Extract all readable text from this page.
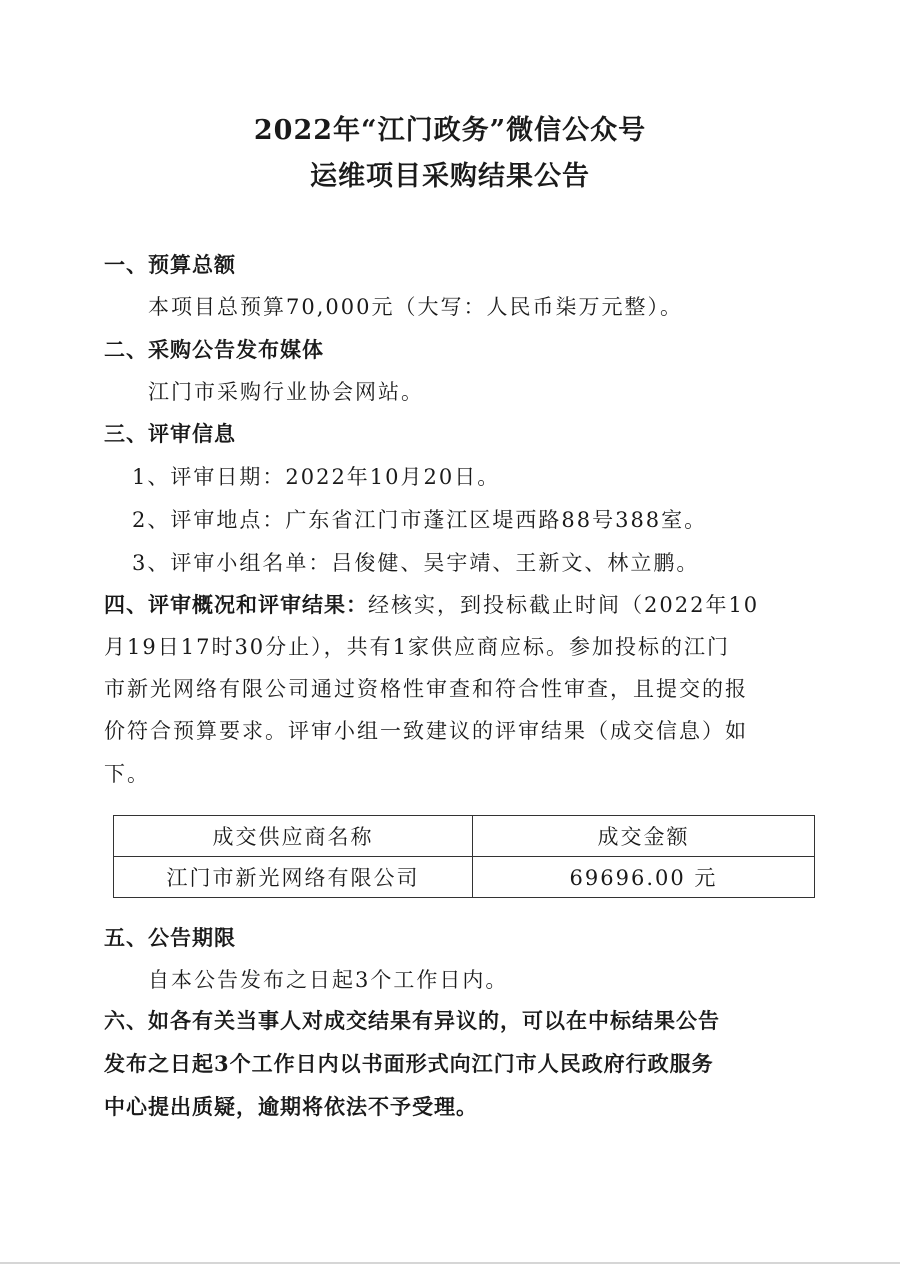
2022年“江门政务”微信公众号
运维项目采购结果公告
一、预算总额
本项目总预算70,000元（大写：人民币柒万元整）。
二、采购公告发布媒体
江门市采购行业协会网站。
三、评审信息
1、评审日期：2022年10月20日。
2、评审地点：广东省江门市蓬江区堤西路88号388室。
3、评审小组名单：吕俊健、吴宇靖、王新文、林立鹏。
四、评审概况和评审结果：经核实，到投标截止时间（2022年10
月19日17时30分止），共有1家供应商应标。参加投标的江门
市新光网络有限公司通过资格性审查和符合性审查，且提交的报
价符合预算要求。评审小组一致建议的评审结果（成交信息）如
下。
成交供应商名称	成交金额
江门市新光网络有限公司	69696.00 元
五、公告期限
自本公告发布之日起3个工作日内。
六、如各有关当事人对成交结果有异议的，可以在中标结果公告
发布之日起3个工作日内以书面形式向江门市人民政府行政服务
中心提出质疑，逾期将依法不予受理。
